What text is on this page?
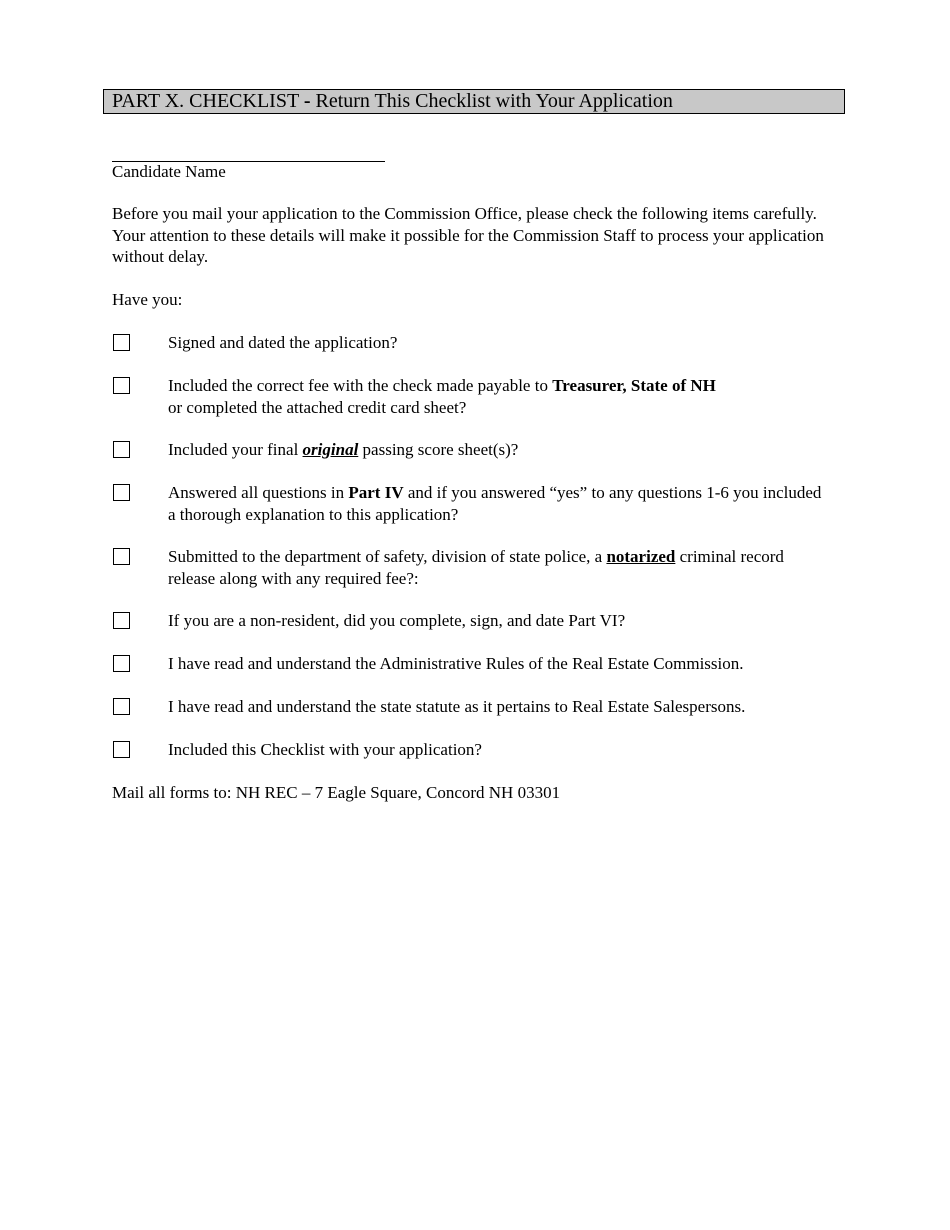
PART X. CHECKLIST - Return This Checklist with Your Application
Candidate Name
Before you mail your application to the Commission Office, please check the following items carefully. Your attention to these details will make it possible for the Commission Staff to process your application without delay.
Have you:
Signed and dated the application?
Included the correct fee with the check made payable to Treasurer, State of NH
or completed the attached credit card sheet?
Included your final original passing score sheet(s)?
Answered all questions in Part IV and if you answered “yes” to any questions 1-6 you included a thorough explanation to this application?
Submitted to the department of safety, division of state police, a notarized criminal record release along with any required fee?:
If you are a non-resident, did you complete, sign, and date Part VI?
I have read and understand the Administrative Rules of the Real Estate Commission.
I have read and understand the state statute as it pertains to Real Estate Salespersons.
Included this Checklist with your application?
Mail all forms to: NH REC – 7 Eagle Square, Concord NH 03301
